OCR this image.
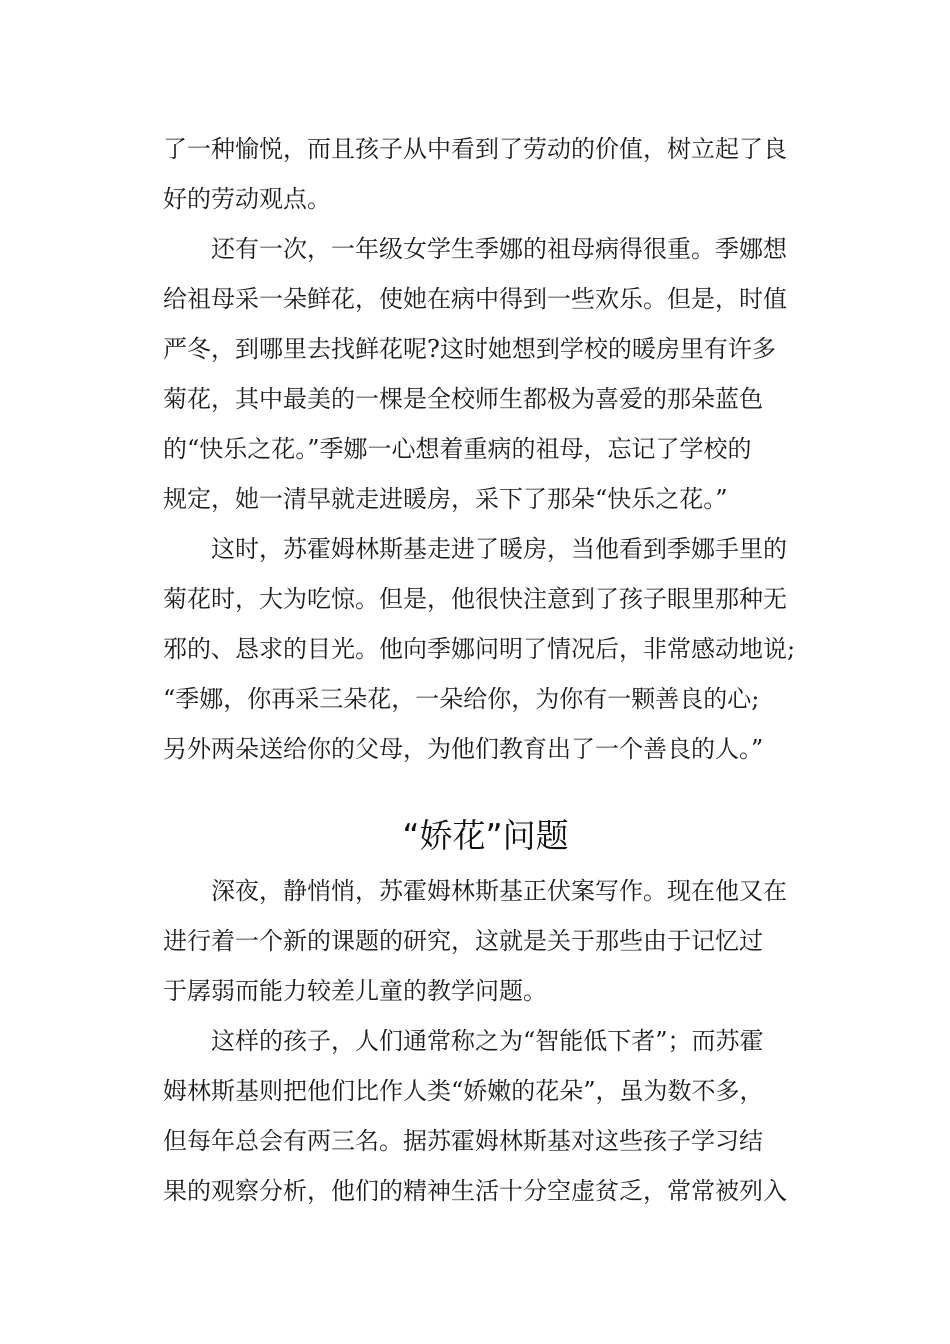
了一种愉悦，而且孩子从中看到了劳动的价值，树立起了良
好的劳动观点。

还有一次，一年级女学生季娜的祖母病得很重。季娜想
给祖母采一朵鲜花，使她在病中得到一些欢乐。但是，时值
严冬，到哪里去找鲜花呢?这时她想到学校的暖房里有许多
菊花，其中最美的一棵是全校师生都极为喜爱的那朵蓝色
的“快乐之花。”季娜一心想着重病的祖母，忘记了学校的
规定，她一清早就走进暖房，采下了那朵“快乐之花。”

这时，苏霍姆林斯基走进了暖房，当他看到季娜手里的
菊花时，大为吃惊。但是，他很快注意到了孩子眼里那种无
邪的、恳求的目光。他向季娜问明了情况后，非常感动地说;
“季娜，你再采三朵花，一朵给你，为你有一颗善良的心;
另外两朵送给你的父母，为他们教育出了一个善良的人。”

“娇花”问题

深夜，静悄悄，苏霍姆林斯基正伏案写作。现在他又在
进行着一个新的课题的研究，这就是关于那些由于记忆过
于孱弱而能力较差儿童的教学问题。

这样的孩子，人们通常称之为“智能低下者”；而苏霍
姆林斯基则把他们比作人类“娇嫩的花朵”，虽为数不多，
但每年总会有两三名。据苏霍姆林斯基对这些孩子学习结
果的观察分析，他们的精神生活十分空虚贫乏，常常被列入
